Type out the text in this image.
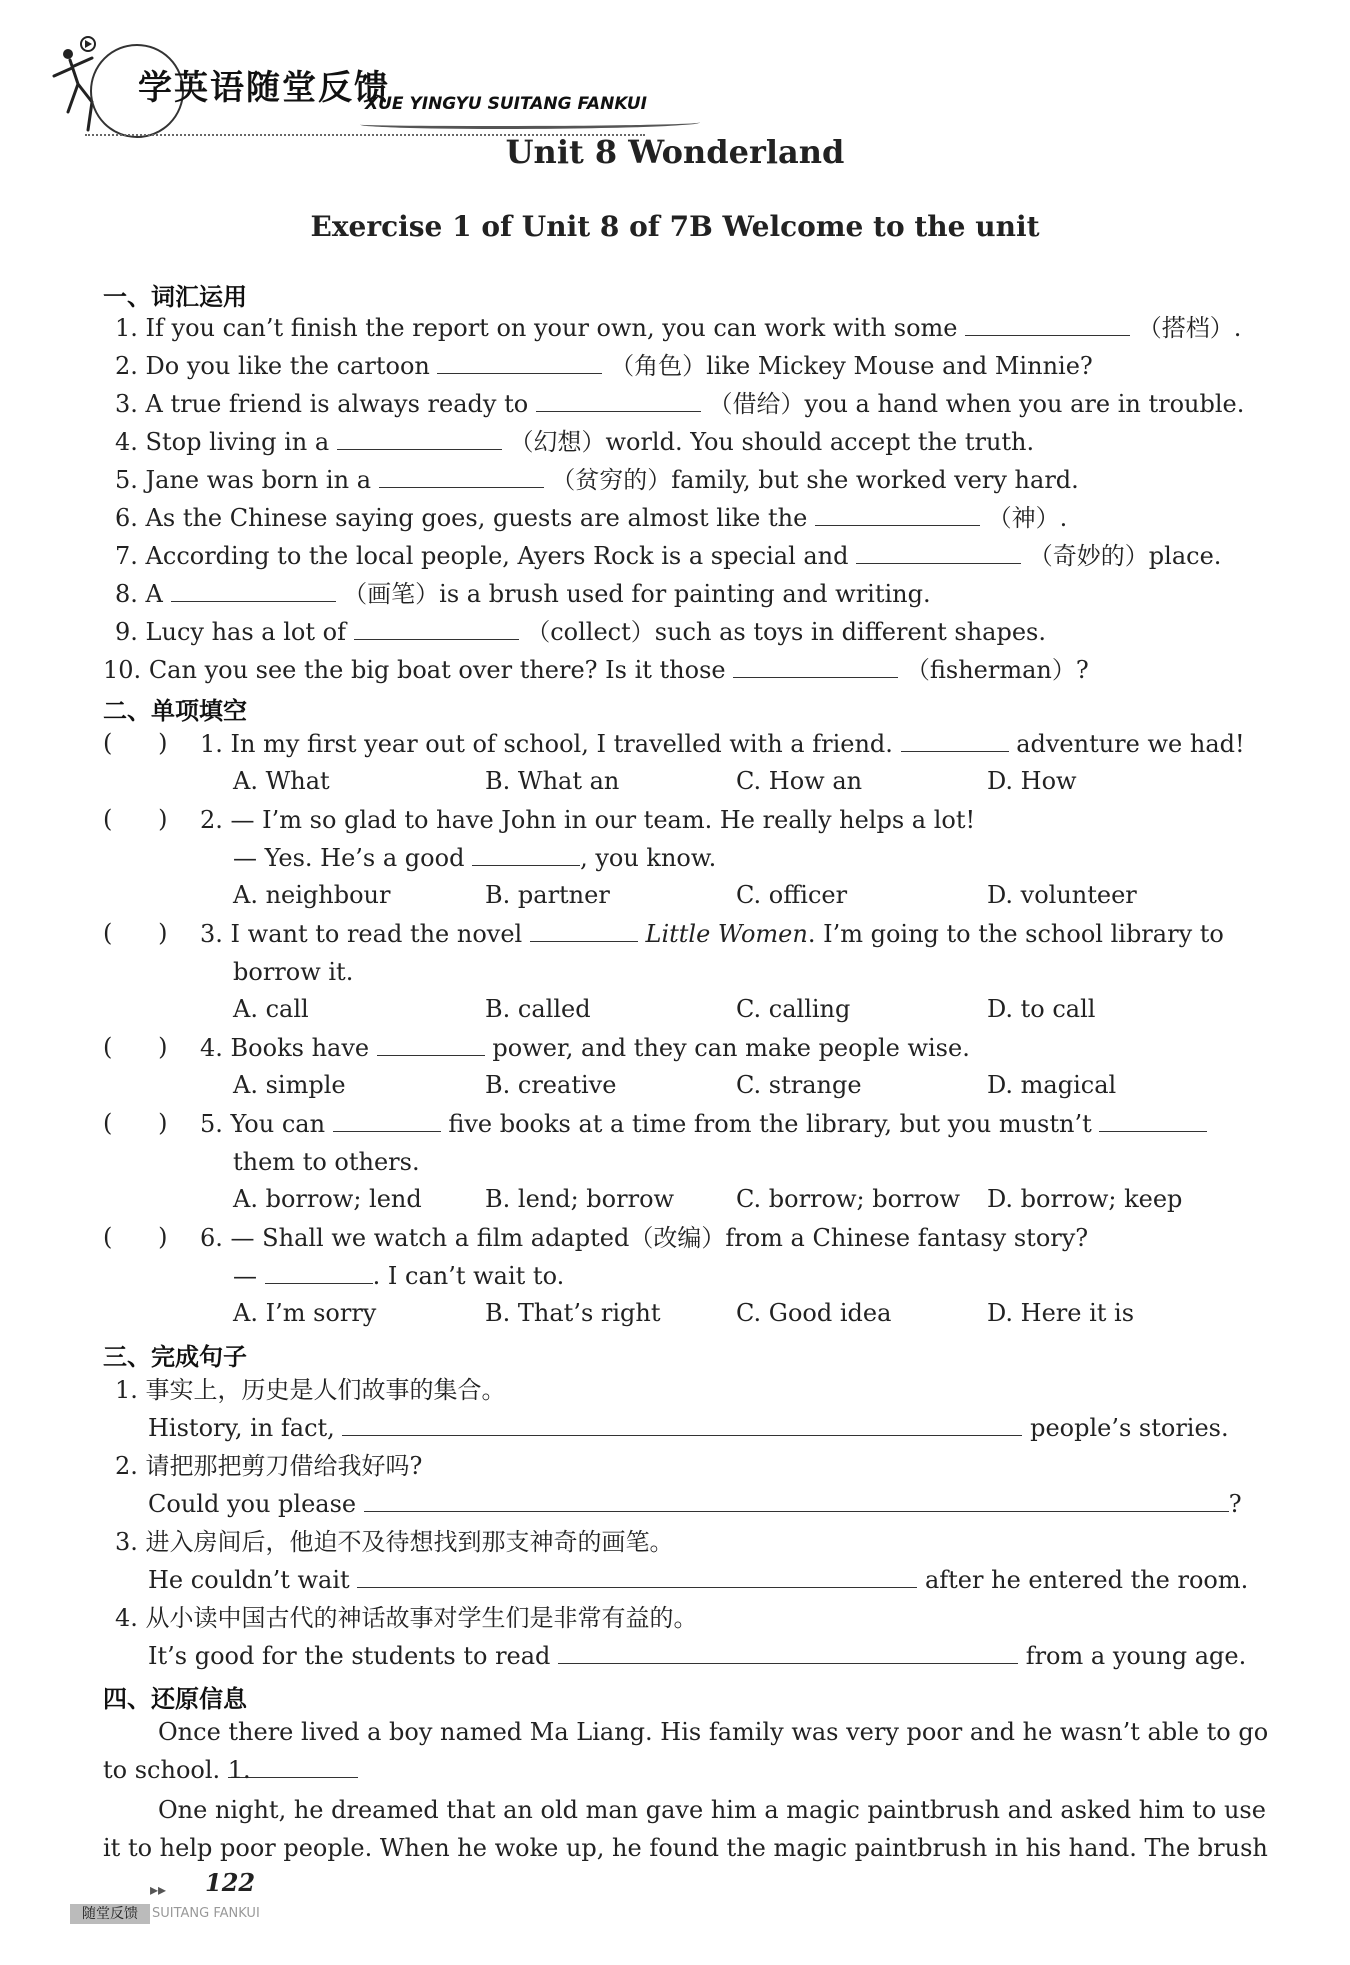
学英语随堂反馈
XUE YINGYU SUITANG FANKUI
Unit 8 Wonderland
Exercise 1 of Unit 8 of 7B Welcome to the unit
一、词汇运用
1. If you can’t finish the report on your own, you can work with some	（搭档）.
2. Do you like the cartoon	（角色）like Mickey Mouse and Minnie?
3. A true friend is always ready to	（借给）you a hand when you are in trouble.
4. Stop living in a	（幻想）world. You should accept the truth.
5. Jane was born in a	（贫穷的）family, but she worked very hard.
6. As the Chinese saying goes, guests are almost like the	（神）.
7. According to the local people, Ayers Rock is a special and	（奇妙的）place.
8. A	（画笔）is a brush used for painting and writing.
9. Lucy has a lot of	（collect）such as toys in different shapes.
10. Can you see the big boat over there? Is it those	（fisherman）?
二、单项填空
(      ) 1. In my first year out of school, I travelled with a friend.	adventure we had!
A. What	B. What an	C. How an	D. How
(      ) 2. — I’m so glad to have John in our team. He really helps a lot!
— Yes. He’s a good	, you know.
A. neighbour	B. partner	C. officer	D. volunteer
(      ) 3. I want to read the novel	Little Women. I’m going to the school library to
borrow it.
A. call	B. called	C. calling	D. to call
(      ) 4. Books have	power, and they can make people wise.
A. simple	B. creative	C. strange	D. magical
(      ) 5. You can	five books at a time from the library, but you mustn’t
them to others.
A. borrow; lend	B. lend; borrow	C. borrow; borrow D. borrow; keep
(      ) 6. — Shall we watch a film adapted（改编）from a Chinese fantasy story?
—	. I can’t wait to.
A. I’m sorry	B. That’s right	C. Good idea	D. Here it is
三、完成句子
1. 事实上，历史是人们故事的集合。
History, in fact,	people’s stories.
2. 请把那把剪刀借给我好吗?
Could you please	?
3. 进入房间后，他迫不及待想找到那支神奇的画笔。
He couldn’t wait	after he entered the room.
4. 从小读中国古代的神话故事对学生们是非常有益的。
It’s good for the students to read	from a young age.
四、还原信息
Once there lived a boy named Ma Liang. His family was very poor and he wasn’t able to go
to school. 1.
One night, he dreamed that an old man gave him a magic paintbrush and asked him to use
it to help poor people. When he woke up, he found the magic paintbrush in his hand. The brush
▸▸ 122
随堂反馈	SUITANG FANKUI
